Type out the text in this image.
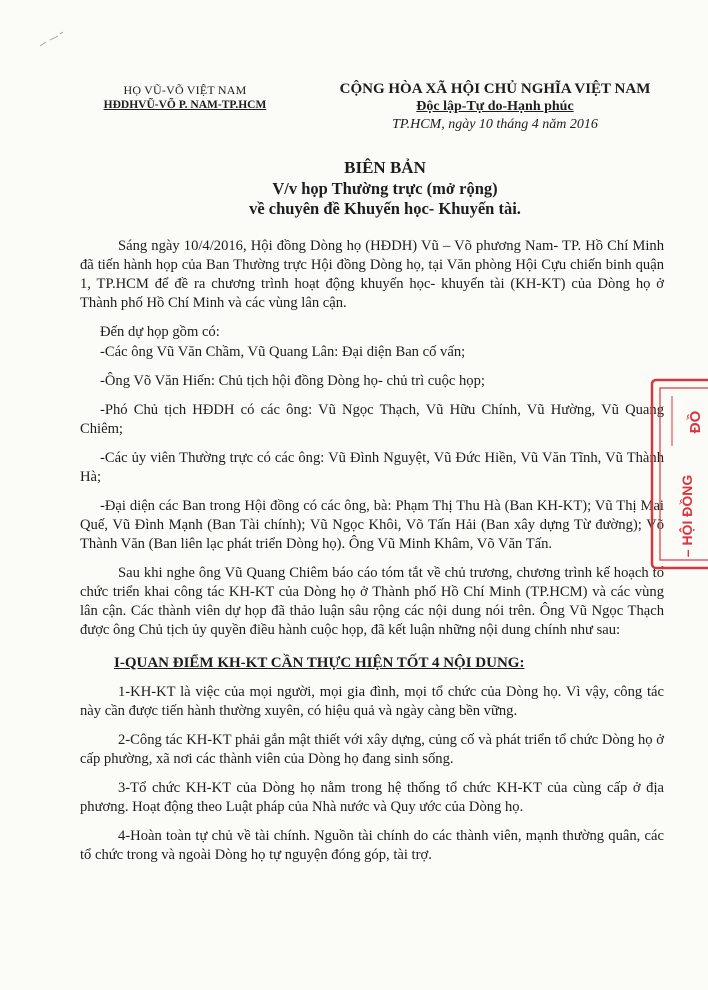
HỌ VŨ-VÕ VIỆT NAM
HĐDHVŨ-VÕ P. NAM-TP.HCM
CỘNG HÒA XÃ HỘI CHỦ NGHĨA VIỆT NAM
Độc lập-Tự do-Hạnh phúc
TP.HCM, ngày 10 tháng 4 năm 2016
BIÊN BẢN
V/v họp Thường trực (mở rộng)
về chuyên đề Khuyến học- Khuyến tài.

Sáng ngày 10/4/2016, Hội đồng Dòng họ (HĐDH) Vũ – Võ phương Nam- TP. Hồ Chí Minh đã tiến hành họp của Ban Thường trực Hội đồng Dòng họ, tại Văn phòng Hội Cựu chiến binh quận 1, TP.HCM để đề ra chương trình hoạt động khuyến học- khuyến tài (KH-KT) của Dòng họ ở Thành phố Hồ Chí Minh và các vùng lân cận.

Đến dự họp gồm có:

-Các ông Vũ Văn Chầm, Vũ Quang Lân: Đại diện Ban cố vấn;

-Ông Võ Văn Hiến: Chủ tịch hội đồng Dòng họ- chủ trì cuộc họp;

-Phó Chủ tịch HĐDH có các ông: Vũ Ngọc Thạch, Vũ Hữu Chính, Vũ Hường, Vũ Quang Chiêm;

-Các ủy viên Thường trực có các ông: Vũ Đình Nguyệt, Vũ Đức Hiền, Vũ Văn Tĩnh, Vũ Thành Hà;

-Đại diện các Ban trong Hội đồng có các ông, bà: Phạm Thị Thu Hà (Ban KH-KT); Vũ Thị Mai Quế, Vũ Đình Mạnh (Ban Tài chính); Vũ Ngọc Khôi, Võ Tấn Hải (Ban xây dựng Từ đường); Võ Thành Văn (Ban liên lạc phát triển Dòng họ). Ông Vũ Minh Khâm, Võ Văn Tấn.

Sau khi nghe ông Vũ Quang Chiêm báo cáo tóm tắt về chủ trương, chương trình kế hoạch tổ chức triển khai công tác KH-KT của Dòng họ ở Thành phố Hồ Chí Minh (TP.HCM) và các vùng lân cận. Các thành viên dự họp đã thảo luận sâu rộng các nội dung nói trên. Ông Vũ Ngọc Thạch được ông Chủ tịch ủy quyền điều hành cuộc họp, đã kết luận những nội dung chính như sau:

I-QUAN ĐIỂM KH-KT CẦN THỰC HIỆN TỐT 4 NỘI DUNG:

1-KH-KT là việc của mọi người, mọi gia đình, mọi tổ chức của Dòng họ. Vì vậy, công tác này cần được tiến hành thường xuyên, có hiệu quả và ngày càng bền vững.

2-Công tác KH-KT phải gắn mật thiết với xây dựng, củng cố và phát triển tổ chức Dòng họ ở cấp phường, xã nơi các thành viên của Dòng họ đang sinh sống.

3-Tổ chức KH-KT của Dòng họ nằm trong hệ thống tổ chức KH-KT của cùng cấp ở địa phương. Hoạt động theo Luật pháp của Nhà nước và Quy ước của Dòng họ.

4-Hoàn toàn tự chủ về tài chính. Nguồn tài chính do các thành viên, mạnh thường quân, các tổ chức trong và ngoài Dòng họ tự nguyện đóng góp, tài trợ.

ĐỒ
– HỘI ĐỒNG
